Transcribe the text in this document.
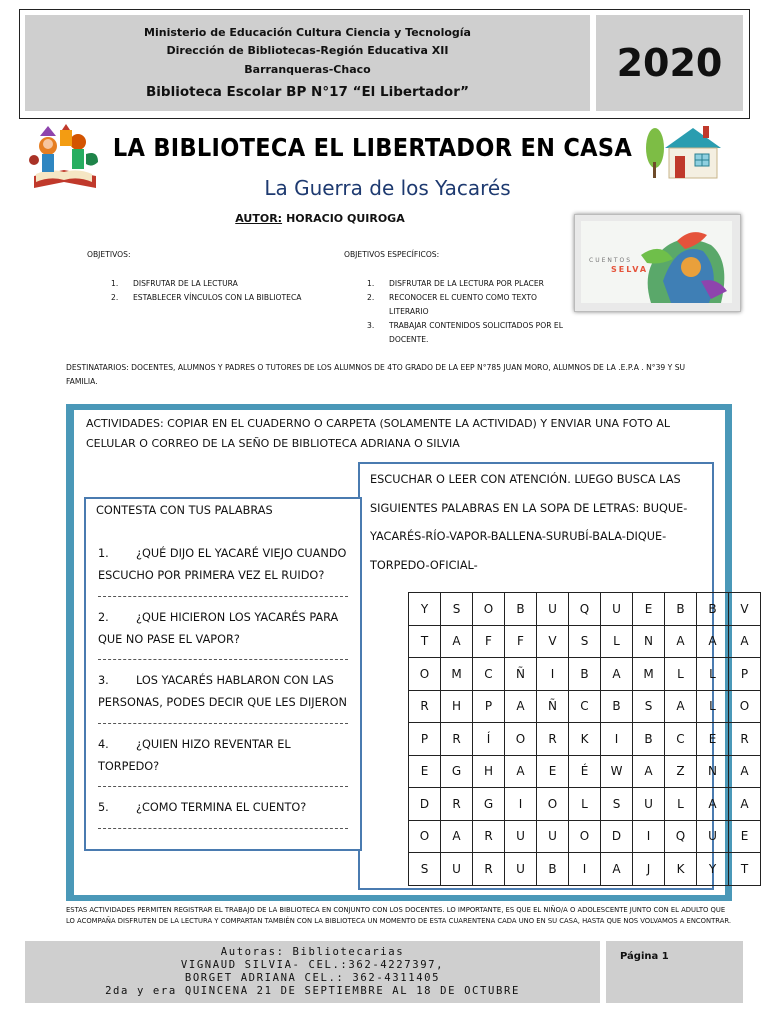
Ministerio de Educación Cultura Ciencia y Tecnología
Dirección de Bibliotecas-Región Educativa XII
Barranqueras-Chaco
Biblioteca Escolar BP N°17 “El Libertador”
2020
LA BIBLIOTECA EL LIBERTADOR EN CASA
La Guerra de los Yacarés
AUTOR: HORACIO QUIROGA
OBJETIVOS:
1.	DISFRUTAR DE LA LECTURA
2.	ESTABLECER VÍNCULOS CON LA BIBLIOTECA
OBJETIVOS ESPECÍFICOS:
1.	DISFRUTAR DE LA LECTURA POR PLACER
2.	RECONOCER EL CUENTO COMO TEXTO LITERARIO
3.	TRABAJAR CONTENIDOS SOLICITADOS POR EL DOCENTE.
CUENTOS
SELVA
DESTINATARIOS: DOCENTES, ALUMNOS Y PADRES O TUTORES DE LOS ALUMNOS DE 4TO GRADO DE LA EEP N°785 JUAN MORO, ALUMNOS DE LA .E.P.A . N°39 Y SU FAMILIA.
ACTIVIDADES: COPIAR EN EL CUADERNO O CARPETA (SOLAMENTE LA ACTIVIDAD) Y ENVIAR UNA FOTO AL CELULAR O CORREO DE LA SEÑO DE BIBLIOTECA ADRIANA O SILVIA
CONTESTA CON TUS PALABRAS
1. ¿QUÉ DIJO EL YACARÉ VIEJO CUANDO ESCUCHO POR PRIMERA VEZ EL RUIDO?
2. ¿QUE HICIERON LOS YACARÉS PARA QUE NO PASE EL VAPOR?
3. LOS YACARÉS HABLARON CON LAS PERSONAS, PODES DECIR QUE LES DIJERON
4. ¿QUIEN HIZO REVENTAR EL TORPEDO?
5. ¿COMO TERMINA EL CUENTO?
ESCUCHAR O LEER CON ATENCIÓN. LUEGO BUSCA LAS SIGUIENTES PALABRAS EN LA SOPA DE LETRAS: BUQUE- YACARÉS-RÍO-VAPOR-BALLENA-SURUBÍ-BALA-DIQUE- TORPEDO-OFICIAL-
Y	S	O	B	U	Q	U	E	B	B	V
T	A	F	F	V	S	L	N	A	A	A
O	M	C	Ñ	I	B	A	M	L	L	P
R	H	P	A	Ñ	C	B	S	A	L	O
P	R	Í	O	R	K	I	B	C	E	R
E	G	H	A	E	É	W	A	Z	N	A
D	R	G	I	O	L	S	U	L	A	A
O	A	R	U	U	O	D	I	Q	U	E
S	U	R	U	B	I	A	J	K	Y	T
ESTAS ACTIVIDADES PERMITEN REGISTRAR EL TRABAJO DE LA BIBLIOTECA EN CONJUNTO CON LOS DOCENTES. LO IMPORTANTE, ES QUE EL NIÑO/A O ADOLESCENTE JUNTO CON EL ADULTO QUE LO ACOMPAÑA DISFRUTEN DE LA LECTURA Y COMPARTAN TAMBIÉN CON LA BIBLIOTECA UN MOMENTO DE ESTA CUARENTENA CADA UNO EN SU CASA, HASTA QUE NOS VOLVAMOS A ENCONTRAR.
Autoras: Bibliotecarias
VIGNAUD SILVIA- CEL.:362-4227397,
BORGET ADRIANA CEL.: 362-4311405
2da y era QUINCENA 21 DE SEPTIEMBRE AL 18 DE OCTUBRE
Página 1
